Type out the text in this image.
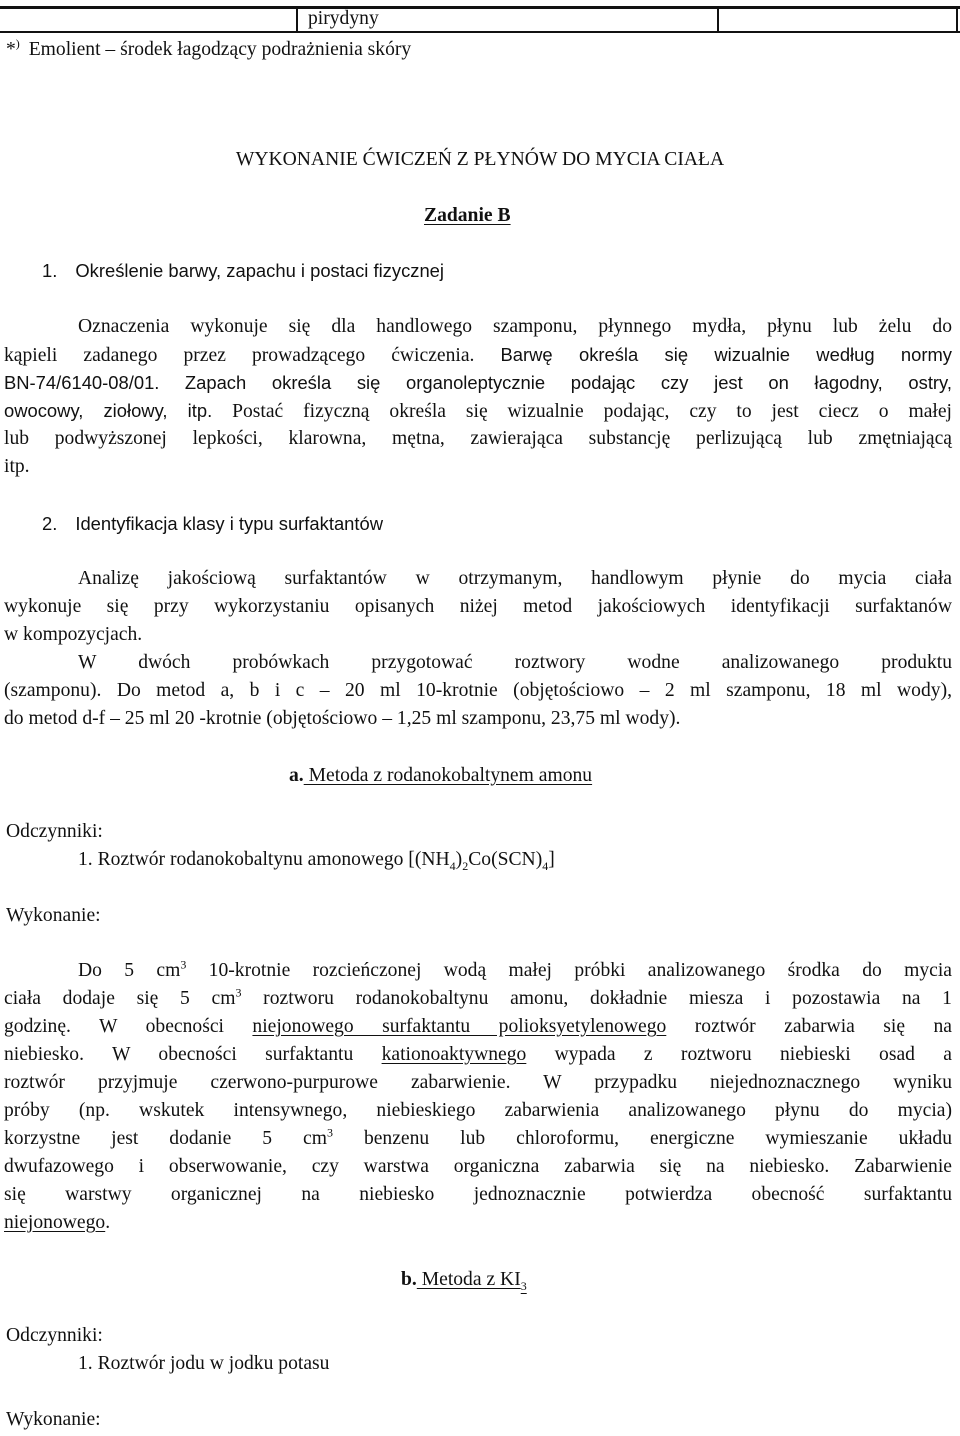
pirydyny
*) Emolient – środek łagodzący podrażnienia skóry
WYKONANIE ĆWICZEŃ Z PŁYNÓW DO MYCIA CIAŁA
Zadanie B
1. Określenie barwy, zapachu i postaci fizycznej
Oznaczenia wykonuje się dla handlowego szamponu, płynnego mydła, płynu lub żelu do
kąpieli zadanego przez prowadzącego ćwiczenia. Barwę określa się wizualnie według normy
BN-74/6140-08/01. Zapach określa się organoleptycznie podając czy jest on łagodny, ostry,
owocowy, ziołowy, itp. Postać fizyczną określa się wizualnie podając, czy to jest ciecz o małej
lub podwyższonej lepkości, klarowna, mętna, zawierająca substancję perlizującą lub zmętniającą
itp.
2. Identyfikacja klasy i typu surfaktantów
Analizę jakościową surfaktantów w otrzymanym, handlowym płynie do mycia ciała
wykonuje się przy wykorzystaniu opisanych niżej metod jakościowych identyfikacji surfaktanów
w kompozycjach.
W dwóch probówkach przygotować roztwory wodne analizowanego produktu
(szamponu). Do metod a, b i c – 20 ml 10-krotnie (objętościowo – 2 ml szamponu, 18 ml wody),
do metod d-f – 25 ml 20 -krotnie (objętościowo – 1,25 ml szamponu, 23,75 ml wody).
a. Metoda z rodanokobaltynem amonu
Odczynniki:
1. Roztwór rodanokobaltynu amonowego $[(NH_4)_2Co(SCN)_4]$
Wykonanie:
Do 5 $cm^3$ 10-krotnie rozcieńczonej wodą małej próbki analizowanego środka do mycia
ciała dodaje się 5 $cm^3$ roztworu rodanokobaltynu amonu, dokładnie miesza i pozostawia na 1
godzinę. W obecności niejonowego surfaktantu polioksyetylenowego roztwór zabarwia się na
niebiesko. W obecności surfaktantu kationoaktywnego wypada z roztworu niebieski osad a
roztwór przyjmuje czerwono-purpurowe zabarwienie. W przypadku niejednoznacznego wyniku
próby (np. wskutek intensywnego, niebieskiego zabarwienia analizowanego płynu do mycia)
korzystne jest dodanie 5 $cm^3$ benzenu lub chloroformu, energiczne wymieszanie układu
dwufazowego i obserwowanie, czy warstwa organiczna zabarwia się na niebiesko. Zabarwienie
się warstwy organicznej na niebiesko jednoznacznie potwierdza obecność surfaktantu
niejonowego.
b. Metoda z $KI_3$
Odczynniki:
1. Roztwór jodu w jodku potasu
Wykonanie:
